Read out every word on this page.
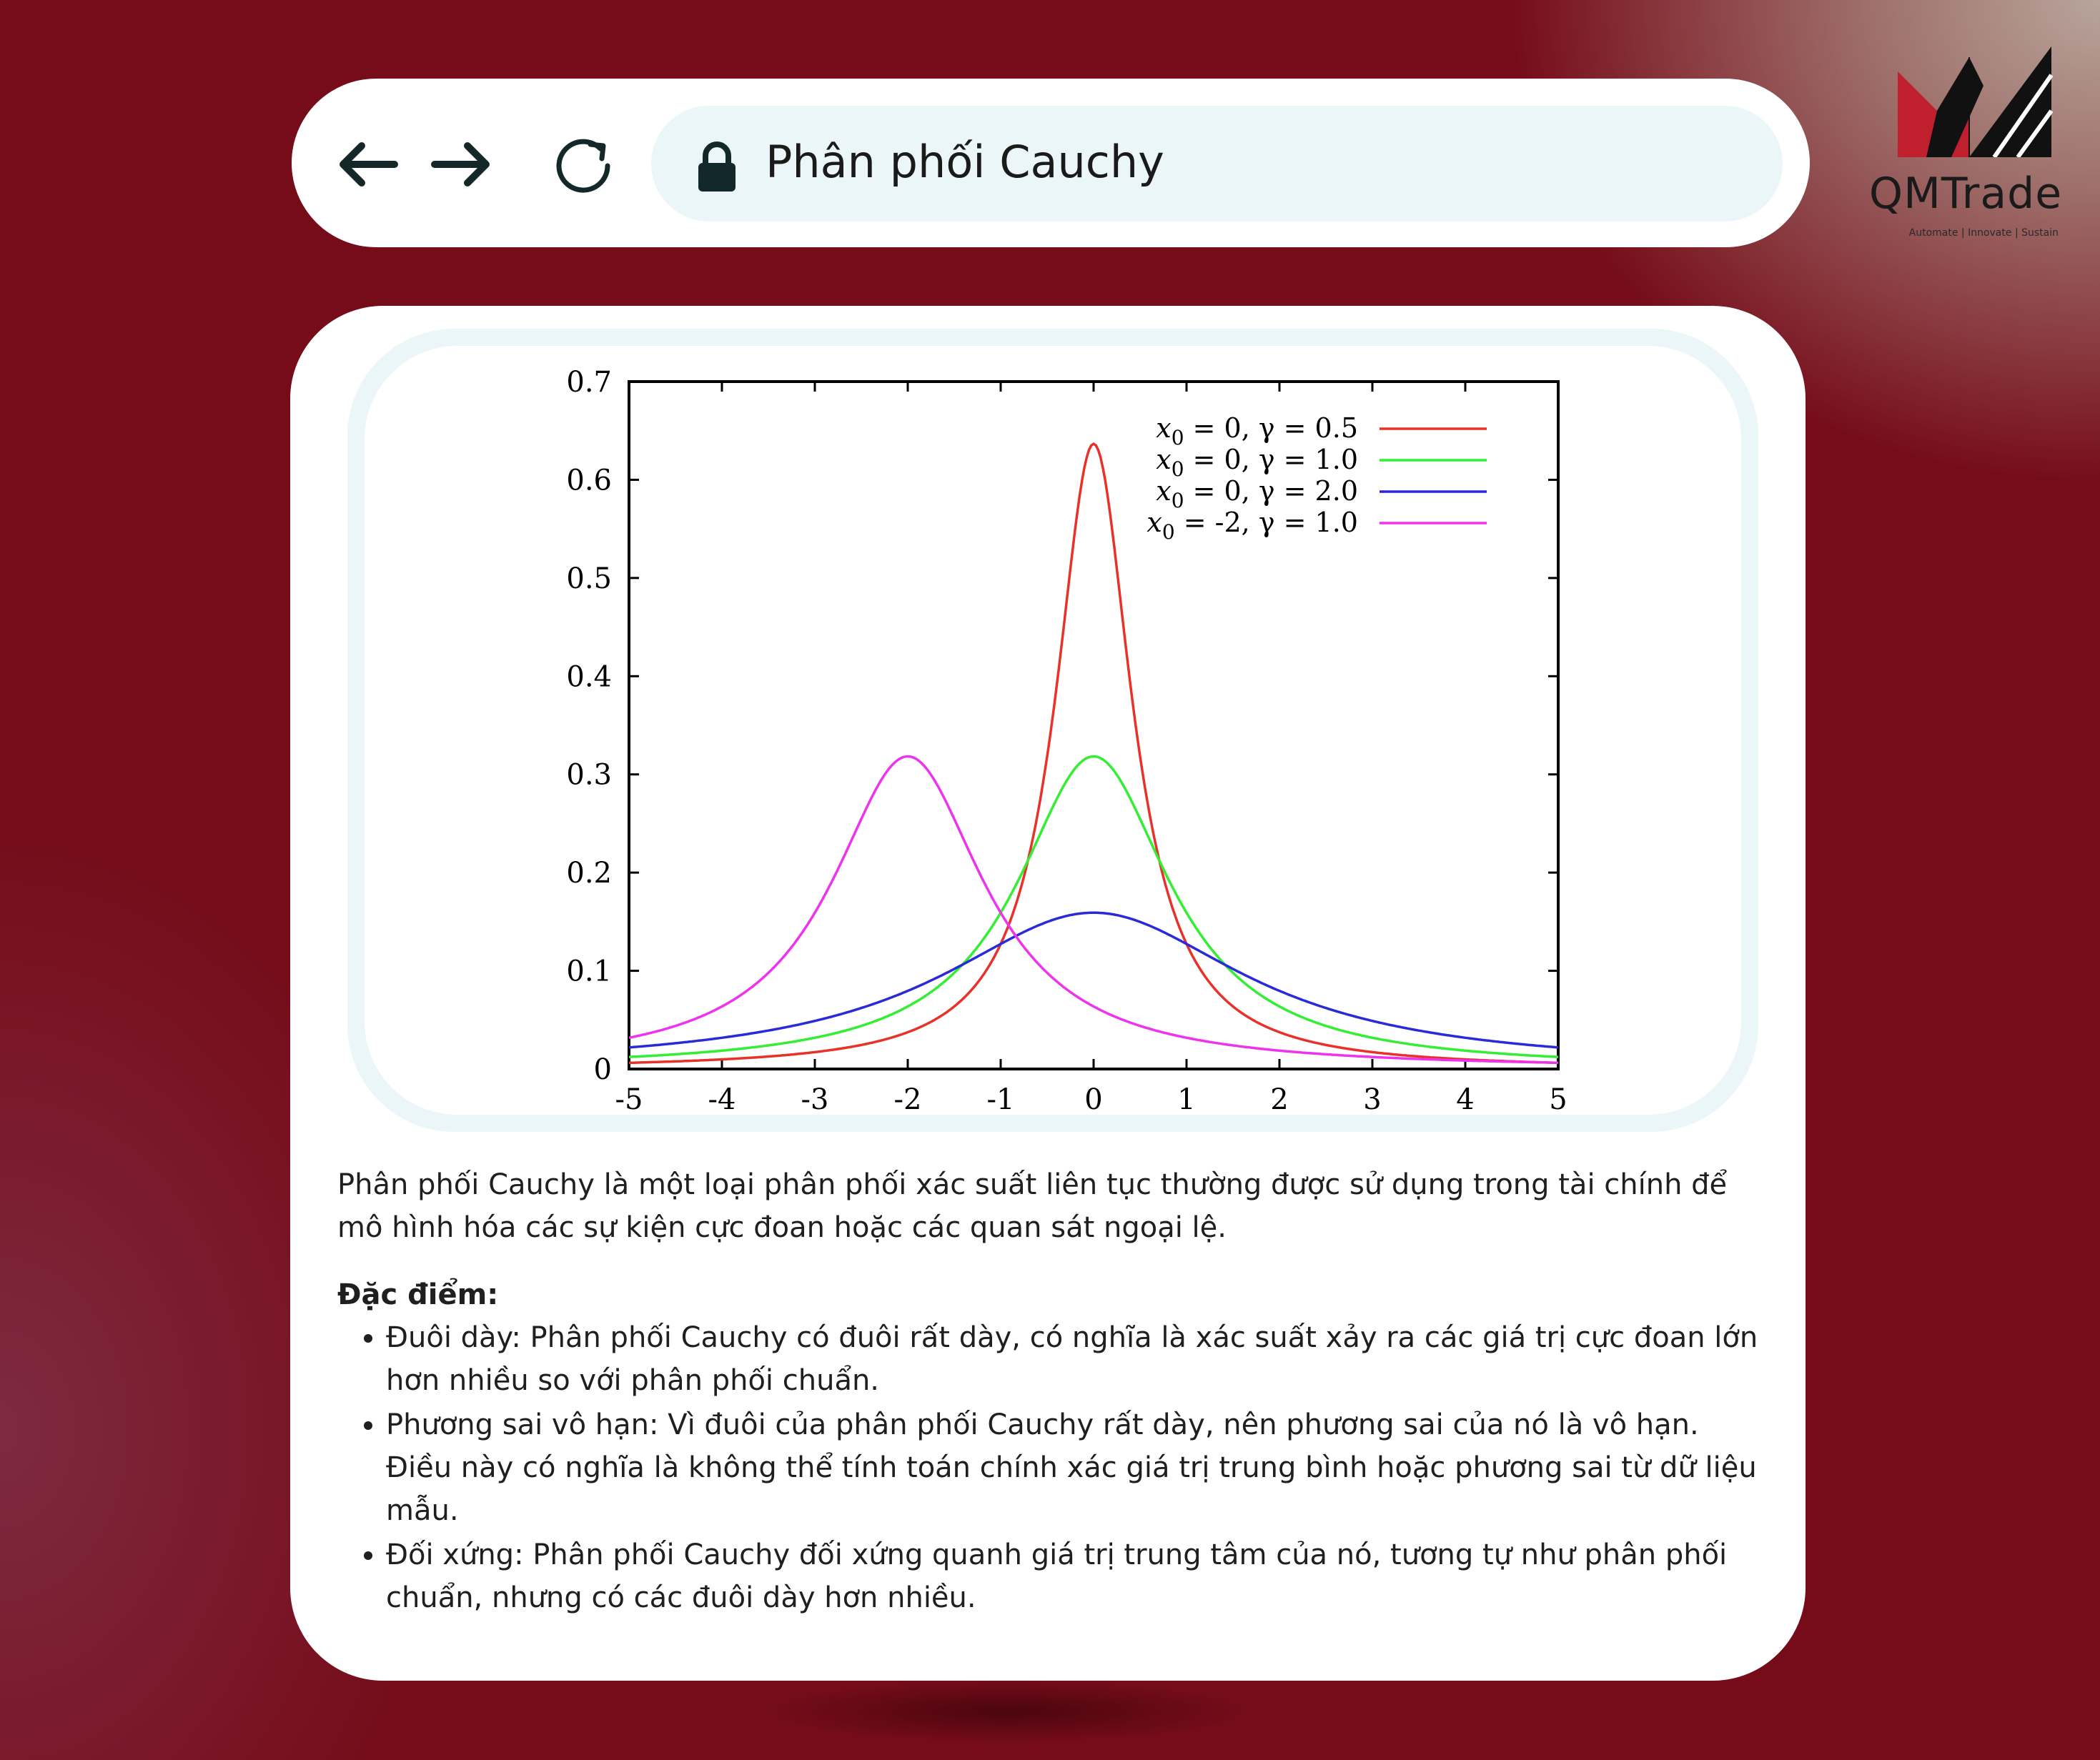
Phân phối Cauchy
QMTrade
Automate | Innovate | Sustain
-5 -4 -3 -2 -1 0	1	2	3	4	5
0
0.1
0.2
0.3
0.4
0.5
0.6
0.7
$x_0 = 0$, γ = 0.5
$x_0 = 0$, γ = 1.0
$x_0 = 0$, γ = 2.0
$x_0 = -2$, γ = 1.0

Phân phối Cauchy là một loại phân phối xác suất liên tục thường được sử dụng trong tài chính để mô hình hóa các sự kiện cực đoan hoặc các quan sát ngoại lệ.

Đặc điểm:

• Đuôi dày: Phân phối Cauchy có đuôi rất dày, có nghĩa là xác suất xảy ra các giá trị cực đoan lớn hơn nhiều so với phân phối chuẩn.
• Phương sai vô hạn: Vì đuôi của phân phối Cauchy rất dày, nên phương sai của nó là vô hạn. Điều này có nghĩa là không thể tính toán chính xác giá trị trung bình hoặc phương sai từ dữ liệu mẫu.
• Đối xứng: Phân phối Cauchy đối xứng quanh giá trị trung tâm của nó, tương tự như phân phối chuẩn, nhưng có các đuôi dày hơn nhiều.
